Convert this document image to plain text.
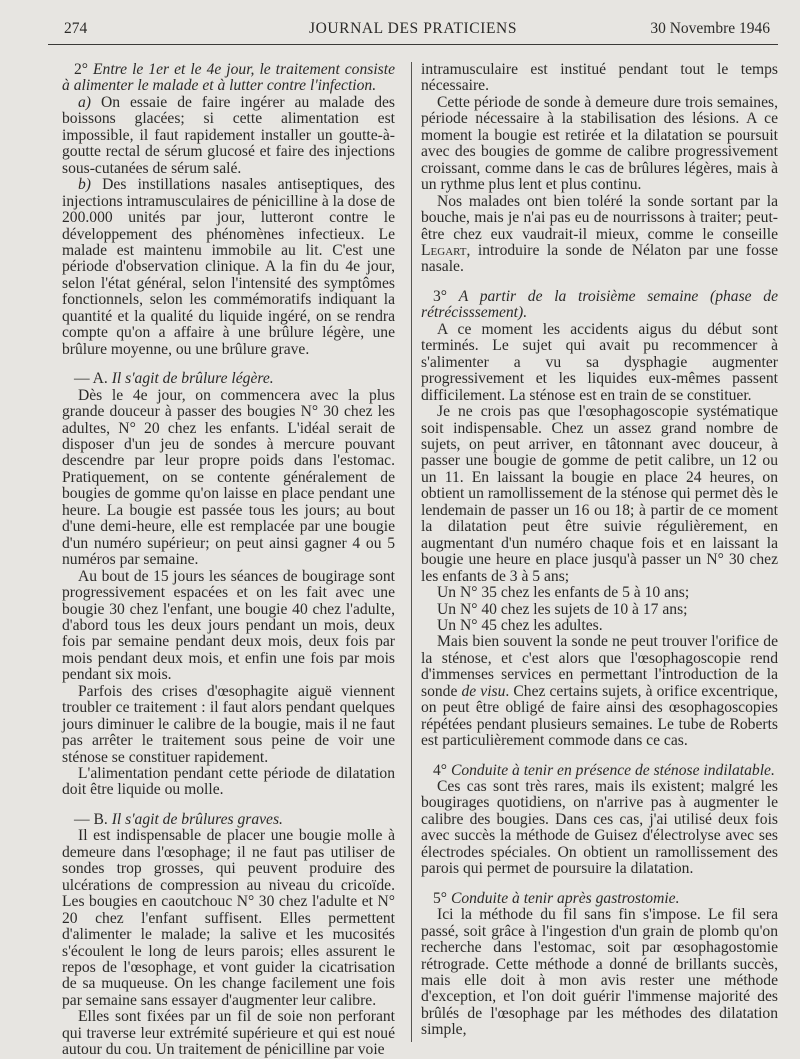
274	JOURNAL DES PRATICIENS	30 Novembre 1946

2° Entre le 1er et le 4e jour, le traitement consiste à alimenter le malade et à lutter contre l'infection.

a) On essaie de faire ingérer au malade des boissons glacées; si cette alimentation est impossible, il faut rapidement installer un goutte-à-goutte rectal de sérum glucosé et faire des injections sous-cutanées de sérum salé.

b) Des instillations nasales antiseptiques, des injections intramusculaires de pénicilline à la dose de 200.000 unités par jour, lutteront contre le développement des phénomènes infectieux. Le malade est maintenu immobile au lit. C'est une période d'observation clinique. A la fin du 4e jour, selon l'état général, selon l'intensité des symptômes fonctionnels, selon les commémoratifs indiquant la quantité et la qualité du liquide ingéré, on se rendra compte qu'on a affaire à une brûlure légère, une brûlure moyenne, ou une brûlure grave.

— A. Il s'agit de brûlure légère.

Dès le 4e jour, on commencera avec la plus grande douceur à passer des bougies N° 30 chez les adultes, N° 20 chez les enfants. L'idéal serait de disposer d'un jeu de sondes à mercure pouvant descendre par leur propre poids dans l'estomac. Pratiquement, on se contente généralement de bougies de gomme qu'on laisse en place pendant une heure. La bougie est passée tous les jours; au bout d'une demi-heure, elle est remplacée par une bougie d'un numéro supérieur; on peut ainsi gagner 4 ou 5 numéros par semaine.

Au bout de 15 jours les séances de bougirage sont progressivement espacées et on les fait avec une bougie 30 chez l'enfant, une bougie 40 chez l'adulte, d'abord tous les deux jours pendant un mois, deux fois par semaine pendant deux mois, deux fois par mois pendant deux mois, et enfin une fois par mois pendant six mois.

Parfois des crises d'œsophagite aiguë viennent troubler ce traitement : il faut alors pendant quelques jours diminuer le calibre de la bougie, mais il ne faut pas arrêter le traitement sous peine de voir une sténose se constituer rapidement.

L'alimentation pendant cette période de dilatation doit être liquide ou molle.

— B. Il s'agit de brûlures graves.

Il est indispensable de placer une bougie molle à demeure dans l'œsophage; il ne faut pas utiliser de sondes trop grosses, qui peuvent produire des ulcérations de compression au niveau du cricoïde. Les bougies en caoutchouc N° 30 chez l'adulte et N° 20 chez l'enfant suffisent. Elles permettent d'alimenter le malade; la salive et les mucosités s'écoulent le long de leurs parois; elles assurent le repos de l'œsophage, et vont guider la cicatrisation de sa muqueuse. On les change facilement une fois par semaine sans essayer d'augmenter leur calibre.

Elles sont fixées par un fil de soie non perforant qui traverse leur extrémité supérieure et qui est noué autour du cou. Un traitement de pénicilline par voie

intramusculaire est institué pendant tout le temps nécessaire.

Cette période de sonde à demeure dure trois semaines, période nécessaire à la stabilisation des lésions. A ce moment la bougie est retirée et la dilatation se poursuit avec des bougies de gomme de calibre progressivement croissant, comme dans le cas de brûlures légères, mais à un rythme plus lent et plus continu.

Nos malades ont bien toléré la sonde sortant par la bouche, mais je n'ai pas eu de nourrissons à traiter; peut-être chez eux vaudrait-il mieux, comme le conseille Legart, introduire la sonde de Nélaton par une fosse nasale.

3° A partir de la troisième semaine (phase de rétrécisssement).

A ce moment les accidents aigus du début sont terminés. Le sujet qui avait pu recommencer à s'alimenter a vu sa dysphagie augmenter progressivement et les liquides eux-mêmes passent difficilement. La sténose est en train de se constituer.

Je ne crois pas que l'œsophagoscopie systématique soit indispensable. Chez un assez grand nombre de sujets, on peut arriver, en tâtonnant avec douceur, à passer une bougie de gomme de petit calibre, un 12 ou un 11. En laissant la bougie en place 24 heures, on obtient un ramollissement de la sténose qui permet dès le lendemain de passer un 16 ou 18; à partir de ce moment la dilatation peut être suivie régulièrement, en augmentant d'un numéro chaque fois et en laissant la bougie une heure en place jusqu'à passer un N° 30 chez les enfants de 3 à 5 ans;

Un N° 35 chez les enfants de 5 à 10 ans;

Un N° 40 chez les sujets de 10 à 17 ans;

Un N° 45 chez les adultes.

Mais bien souvent la sonde ne peut trouver l'orifice de la sténose, et c'est alors que l'œsophagoscopie rend d'immenses services en permettant l'introduction de la sonde de visu. Chez certains sujets, à orifice excentrique, on peut être obligé de faire ainsi des œsophagoscopies répétées pendant plusieurs semaines. Le tube de Roberts est particulièrement commode dans ce cas.

4° Conduite à tenir en présence de sténose indilatable.

Ces cas sont très rares, mais ils existent; malgré les bougirages quotidiens, on n'arrive pas à augmenter le calibre des bougies. Dans ces cas, j'ai utilisé deux fois avec succès la méthode de Guisez d'électrolyse avec ses électrodes spéciales. On obtient un ramollissement des parois qui permet de poursuire la dilatation.

5° Conduite à tenir après gastrostomie.

Ici la méthode du fil sans fin s'impose. Le fil sera passé, soit grâce à l'ingestion d'un grain de plomb qu'on recherche dans l'estomac, soit par œsophagostomie rétrograde. Cette méthode a donné de brillants succès, mais elle doit à mon avis rester une méthode d'exception, et l'on doit guérir l'immense majorité des brûlés de l'œsophage par les méthodes des dilatation simple,
